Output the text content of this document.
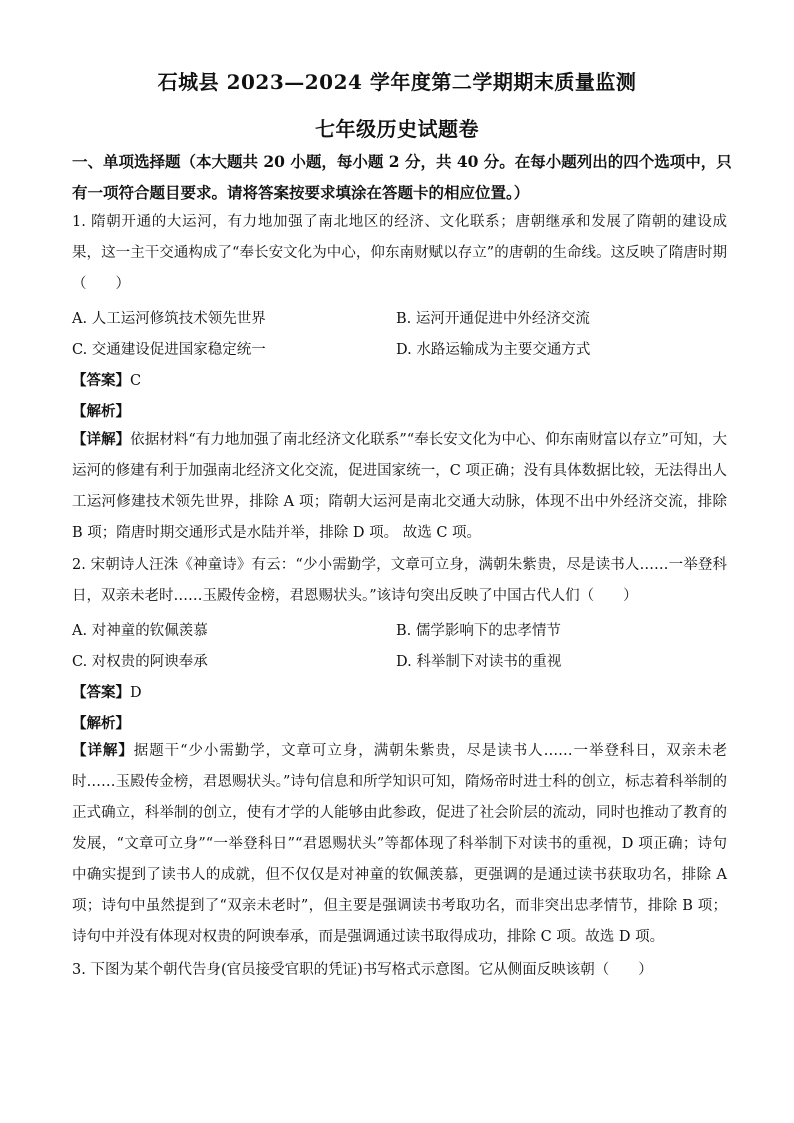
石城县 2023—2024 学年度第二学期期末质量监测
七年级历史试题卷
一、单项选择题（本大题共 20 小题，每小题 2 分，共 40 分。在每小题列出的四个选项中，只有一项符合题目要求。请将答案按要求填涂在答题卡的相应位置。）
1. 隋朝开通的大运河，有力地加强了南北地区的经济、文化联系；唐朝继承和发展了隋朝的建设成果，这一主干交通构成了“奉长安文化为中心，仰东南财赋以存立”的唐朝的生命线。这反映了隋唐时期（　　）
A. 人工运河修筑技术领先世界	B. 运河开通促进中外经济交流
C. 交通建设促进国家稳定统一	D. 水路运输成为主要交通方式
【答案】C
【解析】
【详解】依据材料“有力地加强了南北经济文化联系”“奉长安文化为中心、仰东南财富以存立”可知，大运河的修建有利于加强南北经济文化交流，促进国家统一，C 项正确；没有具体数据比较，无法得出人工运河修建技术领先世界，排除 A 项；隋朝大运河是南北交通大动脉，体现不出中外经济交流，排除 B 项；隋唐时期交通形式是水陆并举，排除 D 项。 故选 C 项。
2. 宋朝诗人汪洙《神童诗》有云：“少小需勤学，文章可立身，满朝朱紫贵，尽是读书人……一举登科日，双亲未老时……玉殿传金榜，君恩赐状头。”该诗句突出反映了中国古代人们（　　）
A. 对神童的钦佩羡慕	B. 儒学影响下的忠孝情节
C. 对权贵的阿谀奉承	D. 科举制下对读书的重视
【答案】D
【解析】
【详解】据题干“少小需勤学，文章可立身，满朝朱紫贵，尽是读书人……一举登科日，双亲未老时……玉殿传金榜，君恩赐状头。”诗句信息和所学知识可知，隋炀帝时进士科的创立，标志着科举制的正式确立，科举制的创立，使有才学的人能够由此参政，促进了社会阶层的流动，同时也推动了教育的发展，“文章可立身”“一举登科日”“君恩赐状头”等都体现了科举制下对读书的重视，D 项正确；诗句中确实提到了读书人的成就，但不仅仅是对神童的钦佩羡慕，更强调的是通过读书获取功名，排除 A 项；诗句中虽然提到了“双亲未老时”，但主要是强调读书考取功名，而非突出忠孝情节，排除 B 项；诗句中并没有体现对权贵的阿谀奉承，而是强调通过读书取得成功，排除 C 项。故选 D 项。
3. 下图为某个朝代告身(官员接受官职的凭证)书写格式示意图。它从侧面反映该朝（　　）
